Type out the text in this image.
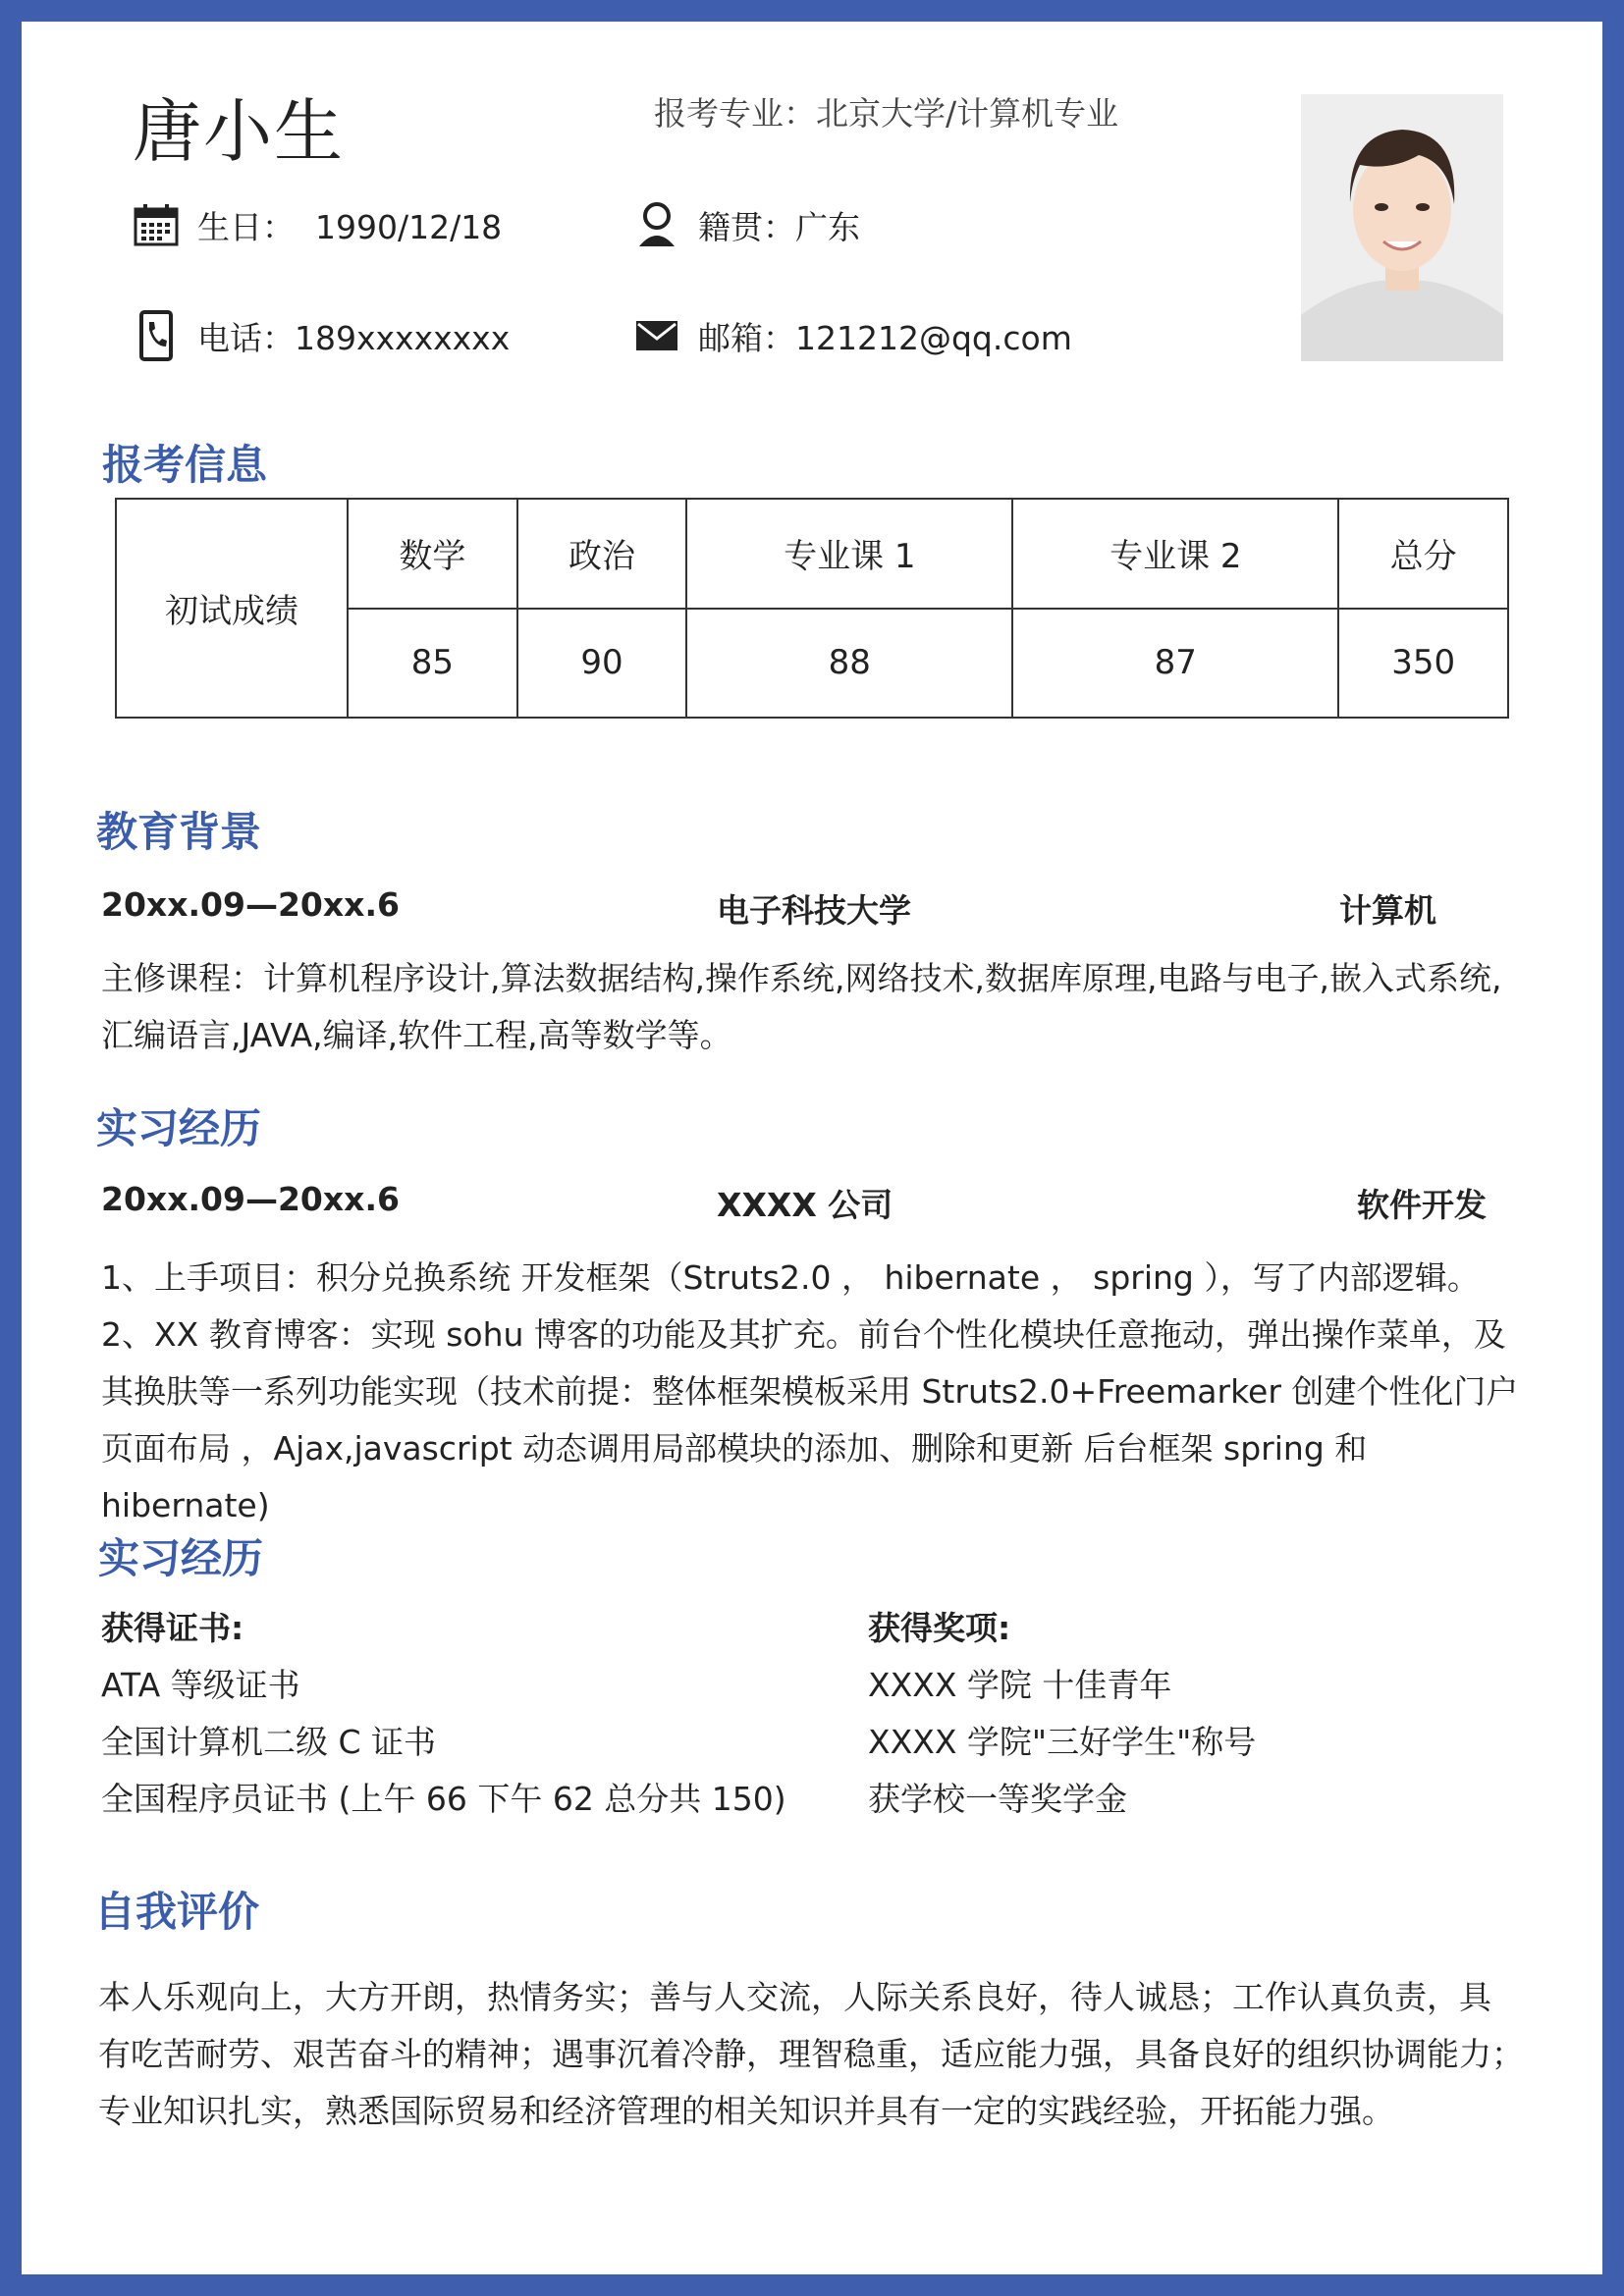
唐小生	报考专业：北京大学/计算机专业
生日：  1990/12/18	籍贯：广东
电话：189xxxxxxxx	邮箱：121212@qq.com
报考信息
初试成绩	数学	政治	专业课 1	专业课 2	总分
	85	90	88	87	350
教育背景
20xx.09—20xx.6	电子科技大学	计算机
主修课程：计算机程序设计,算法数据结构,操作系统,网络技术,数据库原理,电路与电子,嵌入式系统,
汇编语言,JAVA,编译,软件工程,高等数学等。
实习经历
20xx.09—20xx.6	XXXX 公司	软件开发
1、上手项目：积分兑换系统 开发框架（Struts2.0 ， hibernate ， spring ），写了内部逻辑。
2、XX 教育博客：实现 sohu 博客的功能及其扩充。前台个性化模块任意拖动，弹出操作菜单，及
其换肤等一系列功能实现（技术前提：整体框架模板采用 Struts2.0+Freemarker 创建个性化门户
页面布局 ，Ajax,javascript 动态调用局部模块的添加、删除和更新 后台框架 spring 和 hibernate)
实习经历
获得证书:
ATA 等级证书
全国计算机二级 C 证书
全国程序员证书 (上午 66 下午 62 总分共 150)
获得奖项:
XXXX 学院 十佳青年
XXXX 学院"三好学生"称号
获学校一等奖学金
自我评价
本人乐观向上，大方开朗，热情务实；善与人交流，人际关系良好，待人诚恳；工作认真负责，具
有吃苦耐劳、艰苦奋斗的精神；遇事沉着冷静，理智稳重，适应能力强，具备良好的组织协调能力；
专业知识扎实，熟悉国际贸易和经济管理的相关知识并具有一定的实践经验，开拓能力强。
